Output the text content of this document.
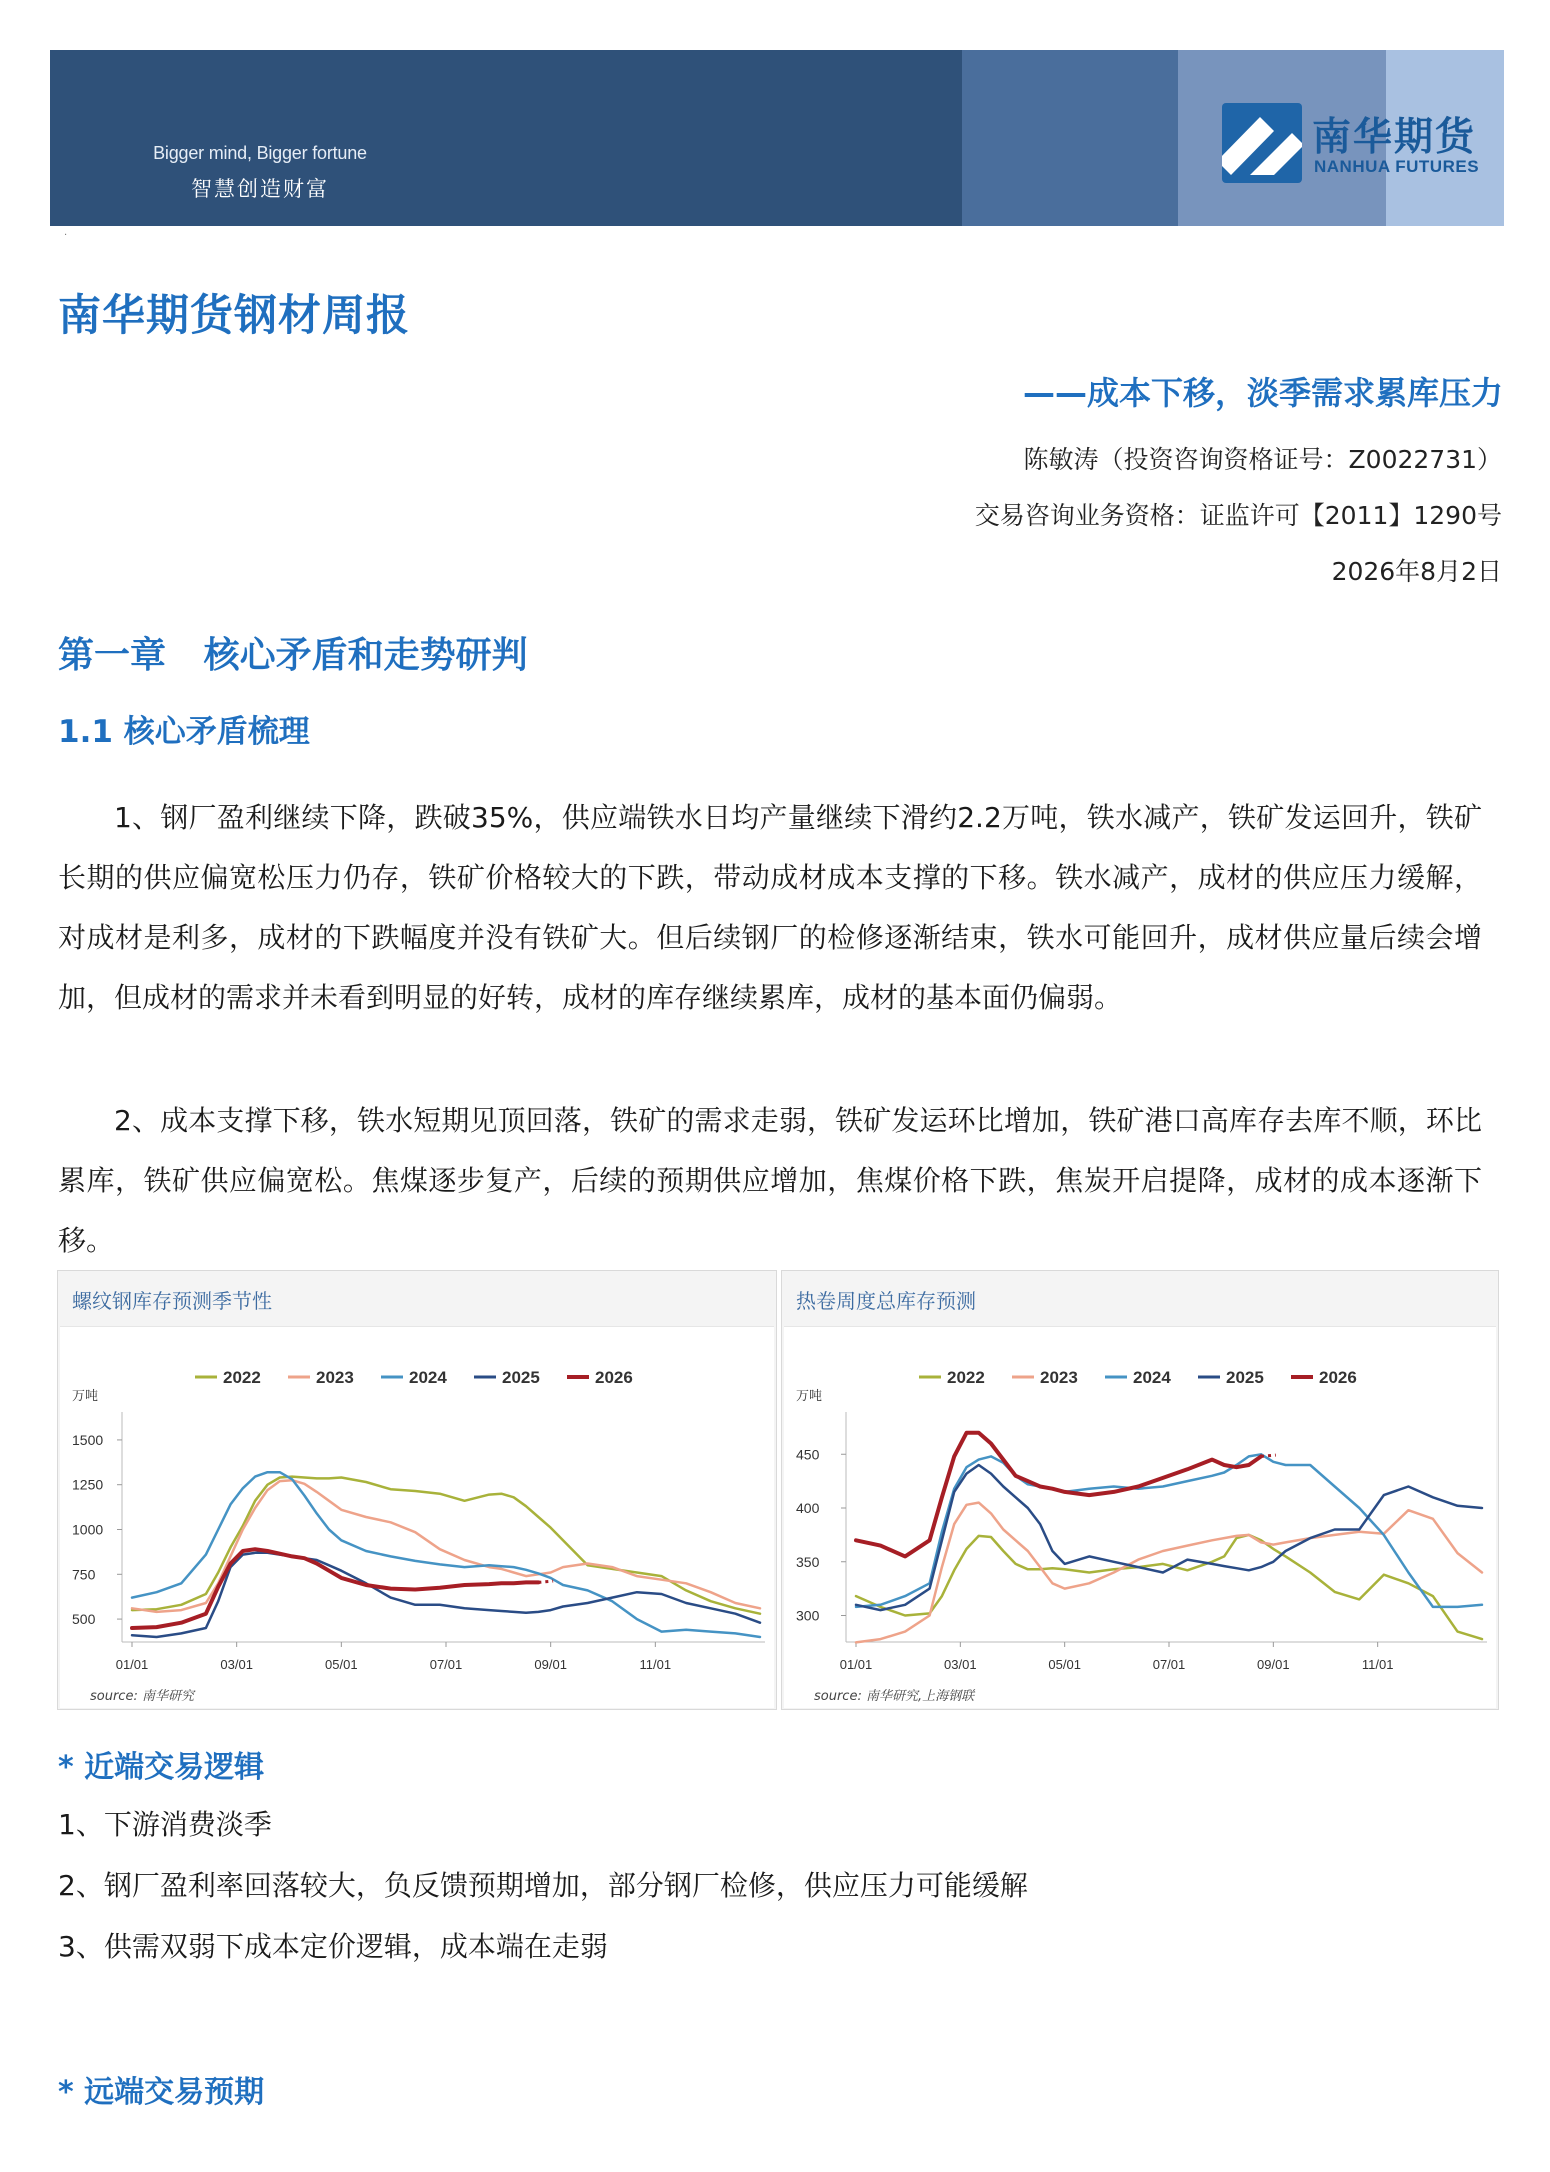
Bigger mind, Bigger fortune
智慧创造财富
南华期货
NANHUA FUTURES
·
南华期货钢材周报
——成本下移，淡季需求累库压力
陈敏涛（投资咨询资格证号：Z0022731）
交易咨询业务资格：证监许可【2011】1290号
2026年8月2日
第一章   核心矛盾和走势研判
1.1 核心矛盾梳理
1、钢厂盈利继续下降，跌破35%，供应端铁水日均产量继续下滑约2.2万吨，铁水减产，铁矿发运回升，铁矿长期的供应偏宽松压力仍存，铁矿价格较大的下跌，带动成材成本支撑的下移。铁水减产，成材的供应压力缓解，对成材是利多，成材的下跌幅度并没有铁矿大。但后续钢厂的检修逐渐结束，铁水可能回升，成材供应量后续会增加，但成材的需求并未看到明显的好转，成材的库存继续累库，成材的基本面仍偏弱。
2、成本支撑下移，铁水短期见顶回落，铁矿的需求走弱，铁矿发运环比增加，铁矿港口高库存去库不顺，环比累库，铁矿供应偏宽松。焦煤逐步复产，后续的预期供应增加，焦煤价格下跌，焦炭开启提降，成材的成本逐渐下移。
螺纹钢库存预测季节性
2022	2023	2024	2025	2026
万吨
500
750
1000
1250
1500
01/01	03/01	05/01	07/01	09/01	11/01
source: 南华研究
热卷周度总库存预测
2022	2023	2024	2025	2026
万吨
300
350
400
450
01/01	03/01	05/01	07/01	09/01	11/01
source: 南华研究,上海钢联
* 近端交易逻辑
1、下游消费淡季
2、钢厂盈利率回落较大，负反馈预期增加，部分钢厂检修，供应压力可能缓解
3、供需双弱下成本定价逻辑，成本端在走弱
* 远端交易预期
